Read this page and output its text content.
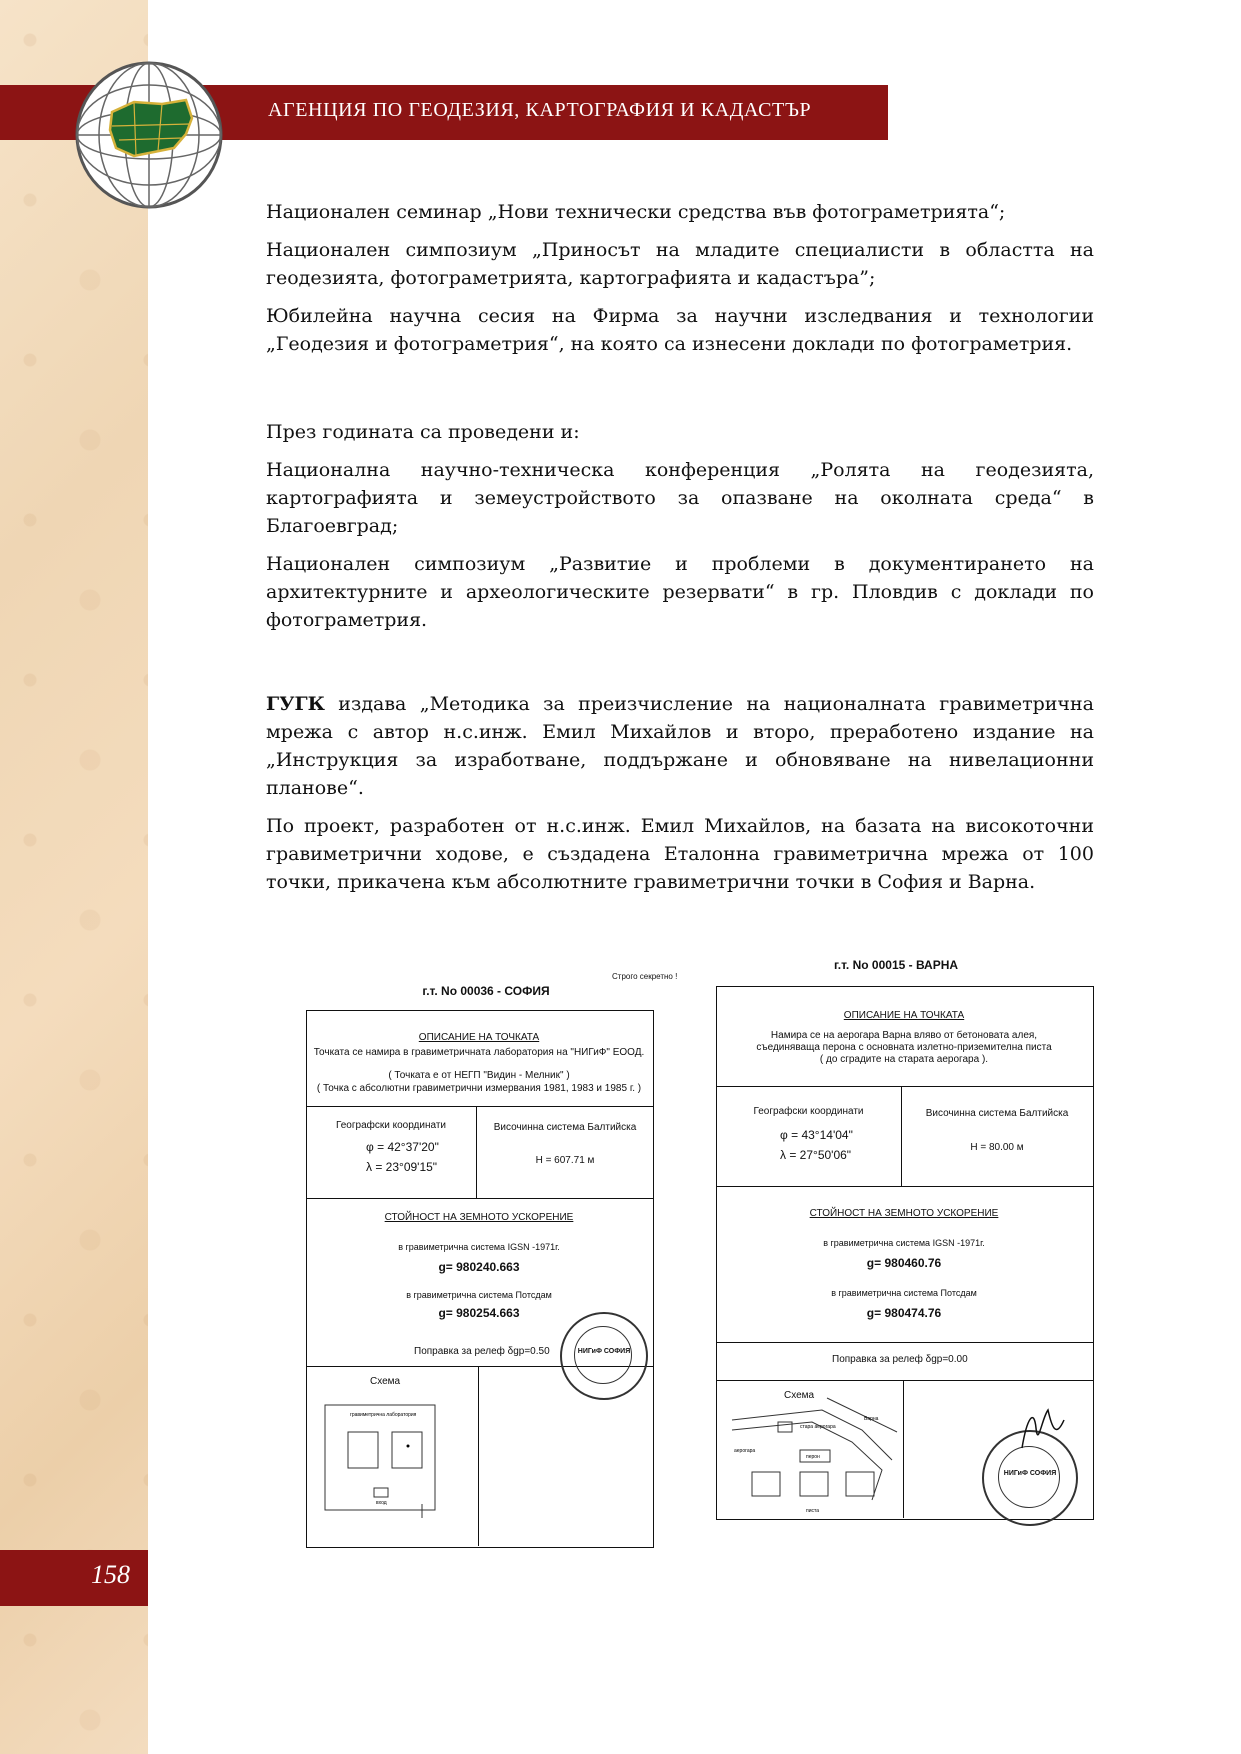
АГЕНЦИЯ ПО ГЕОДЕЗИЯ, КАРТОГРАФИЯ И КАДАСТЪР
158

Национален семинар „Нови технически средства във фотограметрията“;

Национален симпозиум „Приносът на младите специалисти в областта на геодезията, фотограметрията, картографията и кадастъра”;

Юбилейна научна сесия на Фирма за научни изследвания и технологии „Геодезия и фотограметрия“, на която са изнесени доклади по фотограметрия.

През годината са проведени и:

Национална научно-техническа конференция „Ролята на геодезията, картографията и земеустройството за опазване на околната среда“ в Благоевград;

Национален симпозиум „Развитие и проблеми в документирането на архитектурните и археологическите резервати“ в гр. Пловдив с доклади по фотограметрия.

ГУГК издава „Методика за преизчисление на националната гравиметрична мрежа с автор н.с.инж. Емил Михайлов и второ, преработено издание на „Инструкция за изработване, поддържане и обновяване на нивелационни планове“.

По проект, разработен от н.с.инж. Емил Михайлов, на базата на високоточни гравиметрични ходове, е създадена Еталонна гравиметрична мрежа от 100 точки, прикачена към абсолютните гравиметрични точки в София и Варна.

Строго секретно !
г.т. No 00036 - СОФИЯ
ОПИСАНИЕ НА ТОЧКАТА
Точката се намира в гравиметричната лаборатория на "НИГиФ" ЕООД.
( Точката е от НЕГП "Видин - Мелник" )
( Точка с абсолютни гравиметрични измервания 1981, 1983 и 1985 г. )
Географски координати
φ = 42°37'20"
λ = 23°09'15"
Височинна система Балтийска
H = 607.71 м
СТОЙНОСТ НА ЗЕМНОТО УСКОРЕНИЕ
в гравиметрична система IGSN -1971г.
g= 980240.663
в гравиметрична система Потсдам
g= 980254.663
Поправка за релеф δgр=0.50
Схема
гравиметрична лаборатория
вход
НИГиФ СОФИЯ
г.т. No 00015 - ВАРНА
ОПИСАНИЕ НА ТОЧКАТА
Намира се на аерогара Варна вляво от бетоновата алея,
съединяваща перона с основната излетно-приземителна писта
( до сградите на старата аерогара ).
Географски координати
φ = 43°14'04"
λ = 27°50'06"
Височинна система Балтийска
H = 80.00 м
СТОЙНОСТ НА ЗЕМНОТО УСКОРЕНИЕ
в гравиметрична система IGSN -1971г.
g= 980460.76
в гравиметрична система Потсдам
g= 980474.76
Поправка за релеф δgр=0.00
Схема
стара аерогара
Варна
аерогара
перон
писта
НИГиФ СОФИЯ
